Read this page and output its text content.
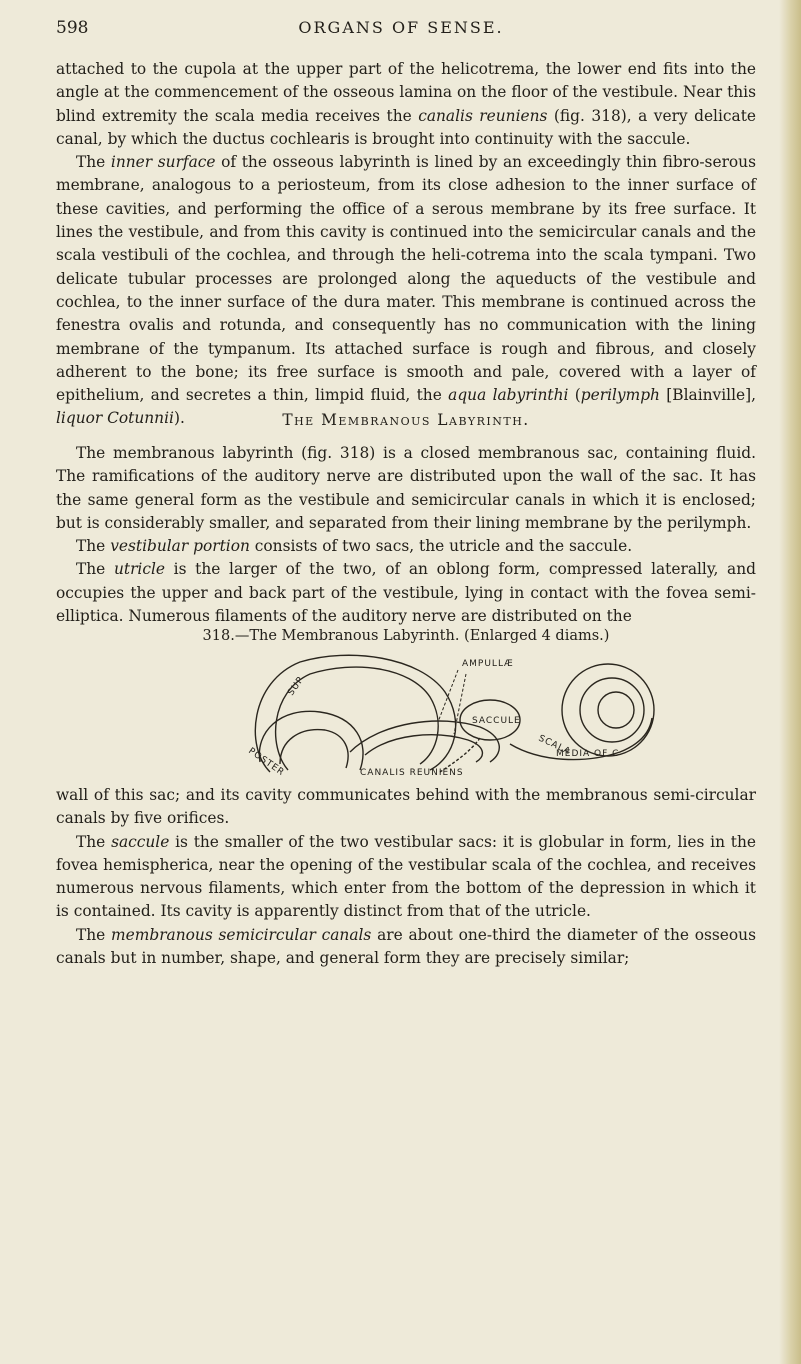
598	ORGANS OF SENSE.

attached to the cupola at the upper part of the helicotrema, the lower end fits into the angle at the commencement of the osseous lamina on the floor of the vestibule. Near this blind extremity the scala media receives the canalis reuniens (fig. 318), a very delicate canal, by which the ductus cochlearis is brought into continuity with the saccule.

The inner surface of the osseous labyrinth is lined by an exceedingly thin fibro-serous membrane, analogous to a periosteum, from its close adhesion to the inner surface of these cavities, and performing the office of a serous membrane by its free surface. It lines the vestibule, and from this cavity is continued into the semicircular canals and the scala vestibuli of the cochlea, and through the heli-cotrema into the scala tympani. Two delicate tubular processes are prolonged along the aqueducts of the vestibule and cochlea, to the inner surface of the dura mater. This membrane is continued across the fenestra ovalis and rotunda, and consequently has no communication with the lining membrane of the tympanum. Its attached surface is rough and fibrous, and closely adherent to the bone; its free surface is smooth and pale, covered with a layer of epithelium, and secretes a thin, limpid fluid, the aqua labyrinthi (perilymph [Blainville], liquor Cotunnii).	The Membranous Labyrinth.

The membranous labyrinth (fig. 318) is a closed membranous sac, containing fluid. The ramifications of the auditory nerve are distributed upon the wall of the sac. It has the same general form as the vestibule and semicircular canals in which it is enclosed; but is considerably smaller, and separated from their lining membrane by the perilymph.

The vestibular portion consists of two sacs, the utricle and the saccule.

The utricle is the larger of the two, of an oblong form, compressed laterally, and occupies the upper and back part of the vestibule, lying in contact with the fovea semi-elliptica. Numerous filaments of the auditory nerve are distributed on the

318.—The Membranous Labyrinth. (Enlarged 4 diams.)
AMPULLÆ
SUP
SACCULE
POSTER
SCALA
MEDIA OF C
CANALIS REUNIENS

wall of this sac; and its cavity communicates behind with the membranous semi-circular canals by five orifices.

The saccule is the smaller of the two vestibular sacs: it is globular in form, lies in the fovea hemispherica, near the opening of the vestibular scala of the cochlea, and receives numerous nervous filaments, which enter from the bottom of the depression in which it is contained. Its cavity is apparently distinct from that of the utricle.

The membranous semicircular canals are about one-third the diameter of the osseous canals but in number, shape, and general form they are precisely similar;
